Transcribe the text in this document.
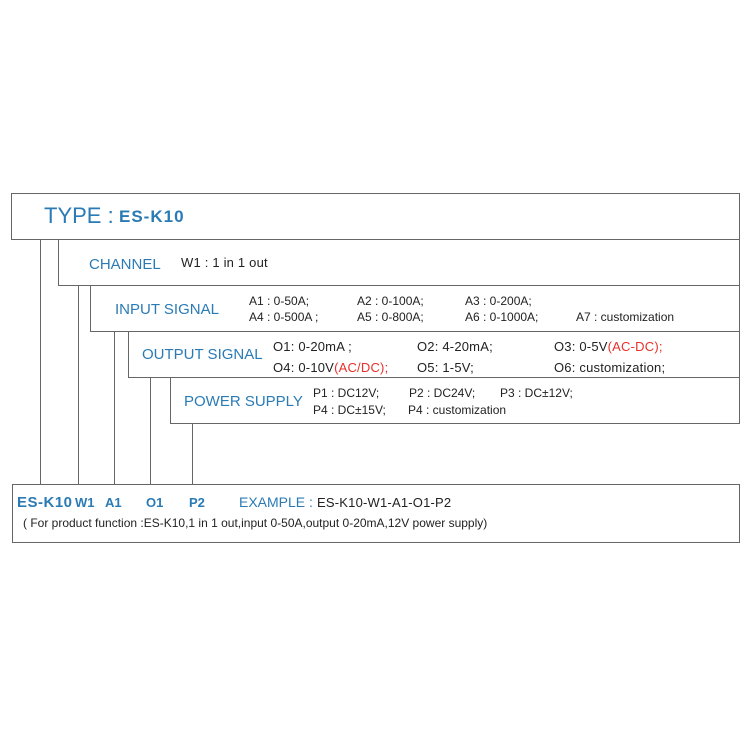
TYPE : ES-K10
CHANNEL W1 : 1 in 1 out
INPUT SIGNAL	A1 : 0-50A;	A2 : 0-100A;	A3 : 0-200A;
A4 : 0-500A ;	A5 : 0-800A;	A6 : 0-1000A;	A7 : customization
OUTPUT SIGNAL O1: 0-20mA ;	O2: 4-20mA;	O3: 0-5V(AC-DC);
O4: 0-10V(AC/DC); O5: 1-5V;	O6: customization;
POWER SUPPLY P1 : DC12V; P2 : DC24V; P3 : DC±12V;
P4 : DC±15V; P4 : customization
ES-K10 W1 A1 O1 P2 EXAMPLE : ES-K10-W1-A1-O1-P2
( For product function :ES-K10,1 in 1 out,input 0-50A,output 0-20mA,12V power supply)
